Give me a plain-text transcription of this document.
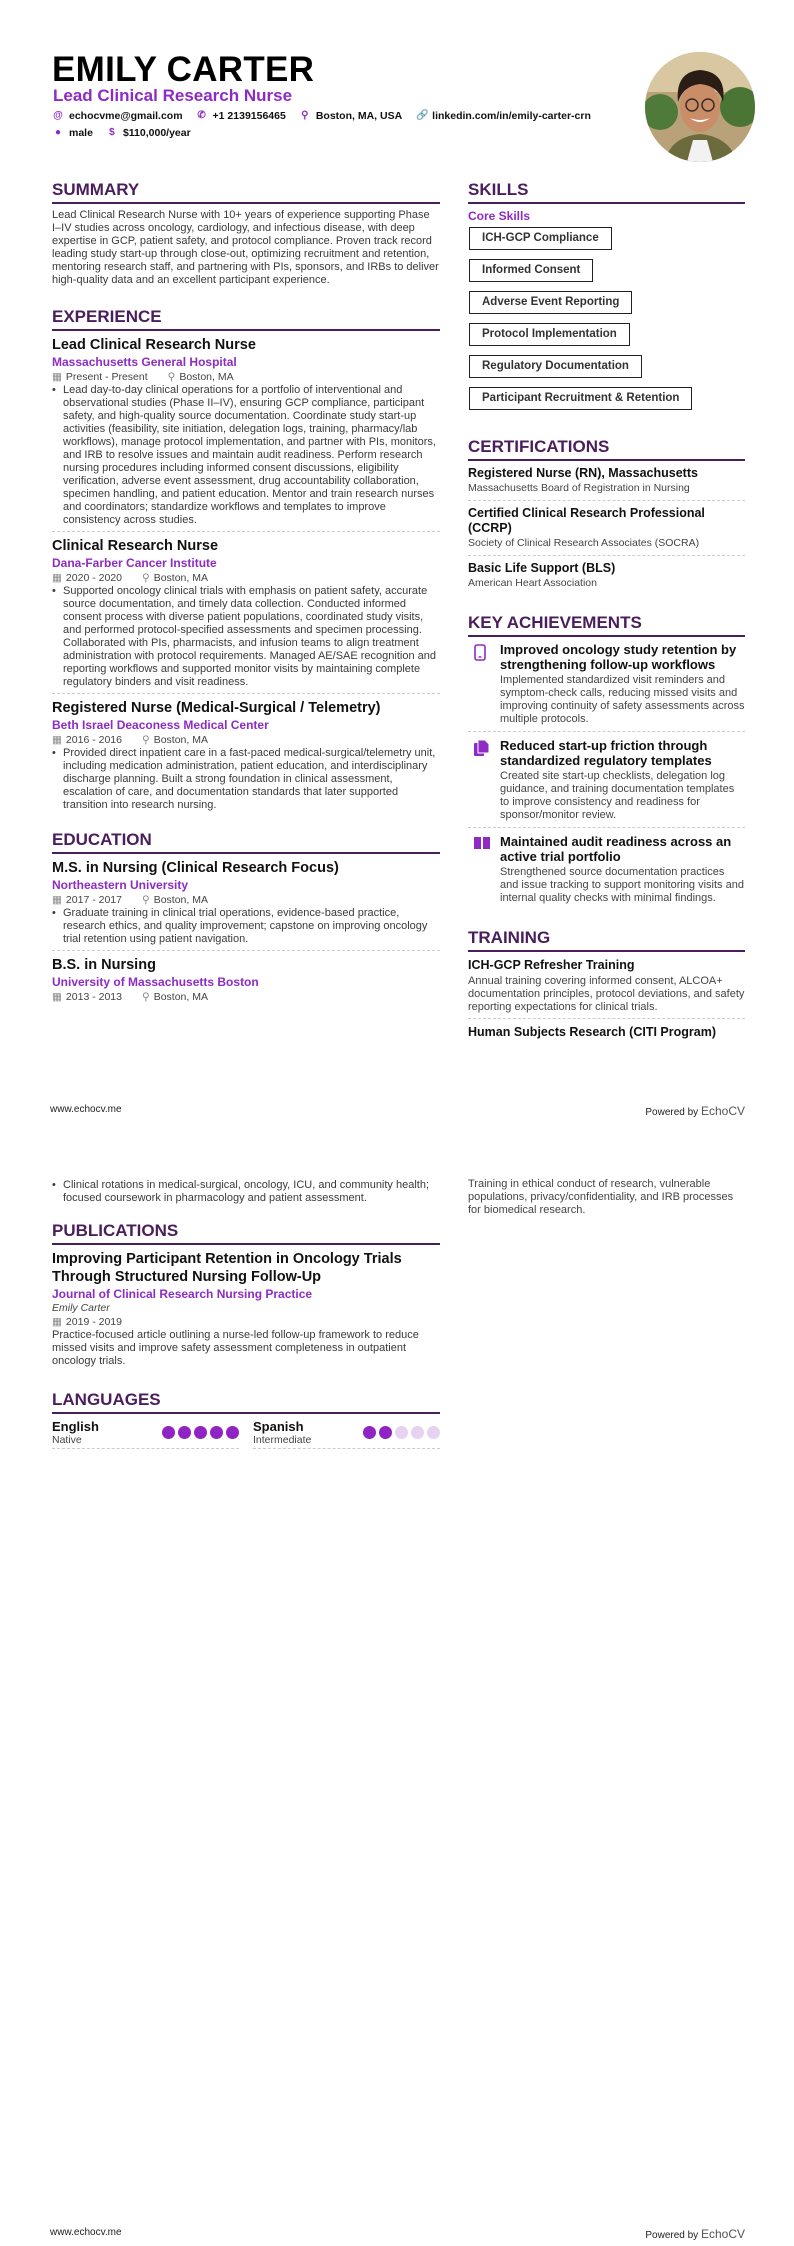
EMILY CARTER
Lead Clinical Research Nurse
@ echocvme@gmail.com ✆ +1 2139156465 ⚲ Boston, MA, USA 🔗 linkedin.com/in/emily-carter-crn
● male $ $110,000/year
SUMMARY
Lead Clinical Research Nurse with 10+ years of experience supporting Phase I–IV studies across oncology, cardiology, and infectious disease, with deep expertise in GCP, patient safety, and protocol compliance. Proven track record leading study start-up through close-out, optimizing recruitment and retention, mentoring research staff, and partnering with PIs, sponsors, and IRBs to deliver high-quality data and an excellent participant experience.
EXPERIENCE
Lead Clinical Research Nurse
Massachusetts General Hospital
▦ Present - Present ⚲ Boston, MA
• Lead day-to-day clinical operations for a portfolio of interventional and observational studies (Phase II–IV), ensuring GCP compliance, participant safety, and high-quality source documentation. Coordinate study start-up activities (feasibility, site initiation, delegation logs, training, pharmacy/lab workflows), manage protocol implementation, and partner with PIs, monitors, and IRB to resolve issues and maintain audit readiness. Perform research nursing procedures including informed consent discussions, eligibility verification, adverse event assessment, drug accountability collaboration, specimen handling, and patient education. Mentor and train research nurses and coordinators; standardize workflows and templates to improve consistency across studies.
Clinical Research Nurse
Dana-Farber Cancer Institute
▦ 2020 - 2020 ⚲ Boston, MA
• Supported oncology clinical trials with emphasis on patient safety, accurate source documentation, and timely data collection. Conducted informed consent process with diverse patient populations, coordinated study visits, and performed protocol-specified assessments and specimen processing. Collaborated with PIs, pharmacists, and infusion teams to align treatment administration with protocol requirements. Managed AE/SAE recognition and reporting workflows and supported monitor visits by maintaining complete regulatory binders and visit readiness.
Registered Nurse (Medical-Surgical / Telemetry)
Beth Israel Deaconess Medical Center
▦ 2016 - 2016 ⚲ Boston, MA
• Provided direct inpatient care in a fast-paced medical-surgical/telemetry unit, including medication administration, patient education, and interdisciplinary discharge planning. Built a strong foundation in clinical assessment, escalation of care, and documentation standards that later supported transition into research nursing.
EDUCATION
M.S. in Nursing (Clinical Research Focus)
Northeastern University
▦ 2017 - 2017 ⚲ Boston, MA
• Graduate training in clinical trial operations, evidence-based practice, research ethics, and quality improvement; capstone on improving oncology trial retention using patient navigation.
B.S. in Nursing
University of Massachusetts Boston
▦ 2013 - 2013 ⚲ Boston, MA
SKILLS
Core Skills
ICH-GCP Compliance
Informed Consent
Adverse Event Reporting
Protocol Implementation
Regulatory Documentation
Participant Recruitment & Retention
CERTIFICATIONS
Registered Nurse (RN), Massachusetts
Massachusetts Board of Registration in Nursing
Certified Clinical Research Professional (CCRP)
Society of Clinical Research Associates (SOCRA)
Basic Life Support (BLS)
American Heart Association
KEY ACHIEVEMENTS
Improved oncology study retention by strengthening follow-up workflows
Implemented standardized visit reminders and symptom-check calls, reducing missed visits and improving continuity of safety assessments across multiple protocols.
Reduced start-up friction through standardized regulatory templates
Created site start-up checklists, delegation log guidance, and training documentation templates to improve consistency and readiness for sponsor/monitor review.
Maintained audit readiness across an active trial portfolio
Strengthened source documentation practices and issue tracking to support monitoring visits and internal quality checks with minimal findings.
TRAINING
ICH-GCP Refresher Training
Annual training covering informed consent, ALCOA+ documentation principles, protocol deviations, and safety reporting expectations for clinical trials.
Human Subjects Research (CITI Program)
www.echocv.me	Powered by EchoCV
• Clinical rotations in medical-surgical, oncology, ICU, and community health; focused coursework in pharmacology and patient assessment.
PUBLICATIONS
Improving Participant Retention in Oncology Trials Through Structured Nursing Follow-Up
Journal of Clinical Research Nursing Practice
Emily Carter
▦ 2019 - 2019
Practice-focused article outlining a nurse-led follow-up framework to reduce missed visits and improve safety assessment completeness in outpatient oncology trials.
LANGUAGES
English
Native
Spanish
Intermediate
Training in ethical conduct of research, vulnerable populations, privacy/confidentiality, and IRB processes for biomedical research.
www.echocv.me	Powered by EchoCV
